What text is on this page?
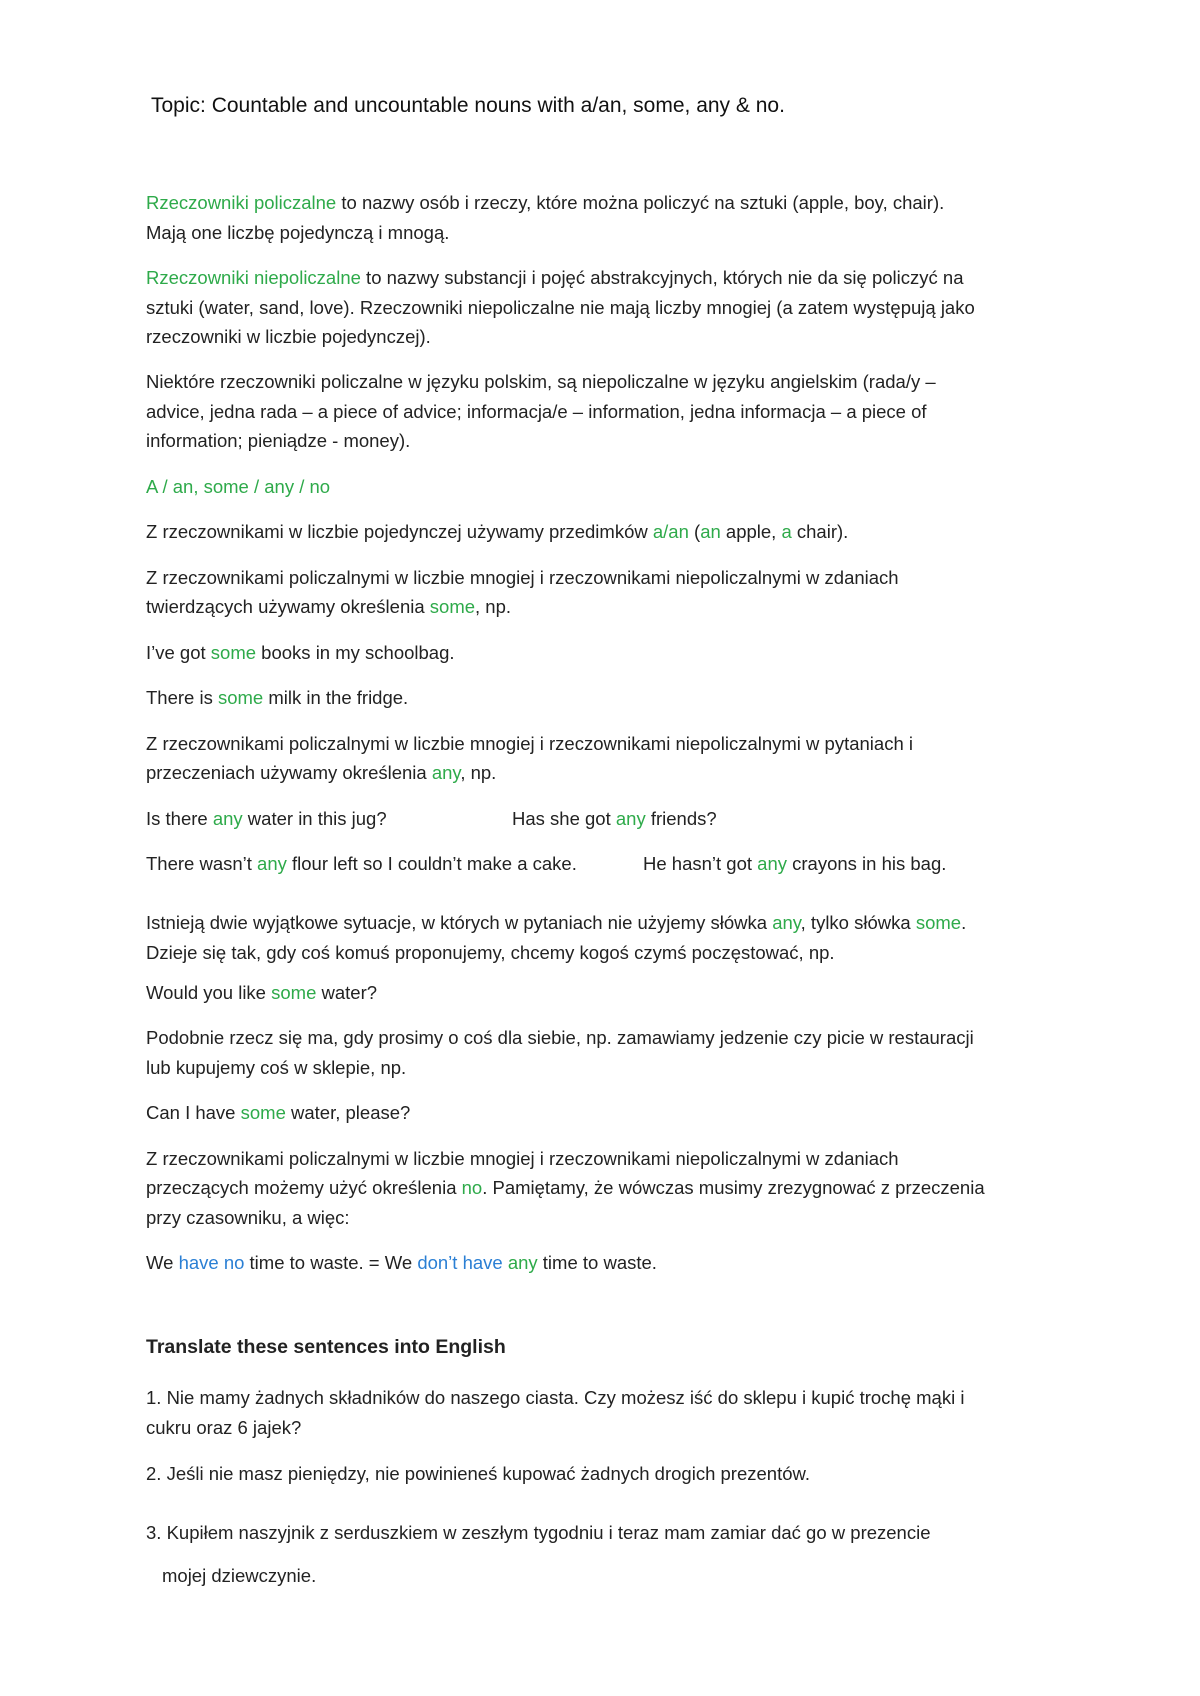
Topic: Countable and uncountable nouns with a/an, some, any & no.
Rzeczowniki policzalne to nazwy osób i rzeczy, które można policzyć na sztuki (apple, boy, chair).
Mają one liczbę pojedynczą i mnogą.
Rzeczowniki niepoliczalne to nazwy substancji i pojęć abstrakcyjnych, których nie da się policzyć na
sztuki (water, sand, love). Rzeczowniki niepoliczalne nie mają liczby mnogiej (a zatem występują jako
rzeczowniki w liczbie pojedynczej).
Niektóre rzeczowniki policzalne w języku polskim, są niepoliczalne w języku angielskim (rada/y –
advice, jedna rada – a piece of advice; informacja/e – information, jedna informacja – a piece of
information; pieniądze - money).
A / an, some / any / no
Z rzeczownikami w liczbie pojedynczej używamy przedimków a/an (an apple, a chair).
Z rzeczownikami policzalnymi w liczbie mnogiej i rzeczownikami niepoliczalnymi w zdaniach
twierdzących używamy określenia some, np.
I’ve got some books in my schoolbag.
There is some milk in the fridge.
Z rzeczownikami policzalnymi w liczbie mnogiej i rzeczownikami niepoliczalnymi w pytaniach i
przeczeniach używamy określenia any, np.
Is there any water in this jug?	Has she got any friends?
There wasn’t any flour left so I couldn’t make a cake.	He hasn’t got any crayons in his bag.
Istnieją dwie wyjątkowe sytuacje, w których w pytaniach nie użyjemy słówka any, tylko słówka some.
Dzieje się tak, gdy coś komuś proponujemy, chcemy kogoś czymś poczęstować, np.
Would you like some water?
Podobnie rzecz się ma, gdy prosimy o coś dla siebie, np. zamawiamy jedzenie czy picie w restauracji
lub kupujemy coś w sklepie, np.
Can I have some water, please?
Z rzeczownikami policzalnymi w liczbie mnogiej i rzeczownikami niepoliczalnymi w zdaniach
przeczących możemy użyć określenia no. Pamiętamy, że wówczas musimy zrezygnować z przeczenia
przy czasowniku, a więc:
We have no time to waste. = We don’t have any time to waste.
Translate these sentences into English
1. Nie mamy żadnych składników do naszego ciasta. Czy możesz iść do sklepu i kupić trochę mąki i
cukru oraz 6 jajek?
2. Jeśli nie masz pieniędzy, nie powinieneś kupować żadnych drogich prezentów.
3. Kupiłem naszyjnik z serduszkiem w zeszłym tygodniu i teraz mam zamiar dać go w prezencie
mojej dziewczynie.
